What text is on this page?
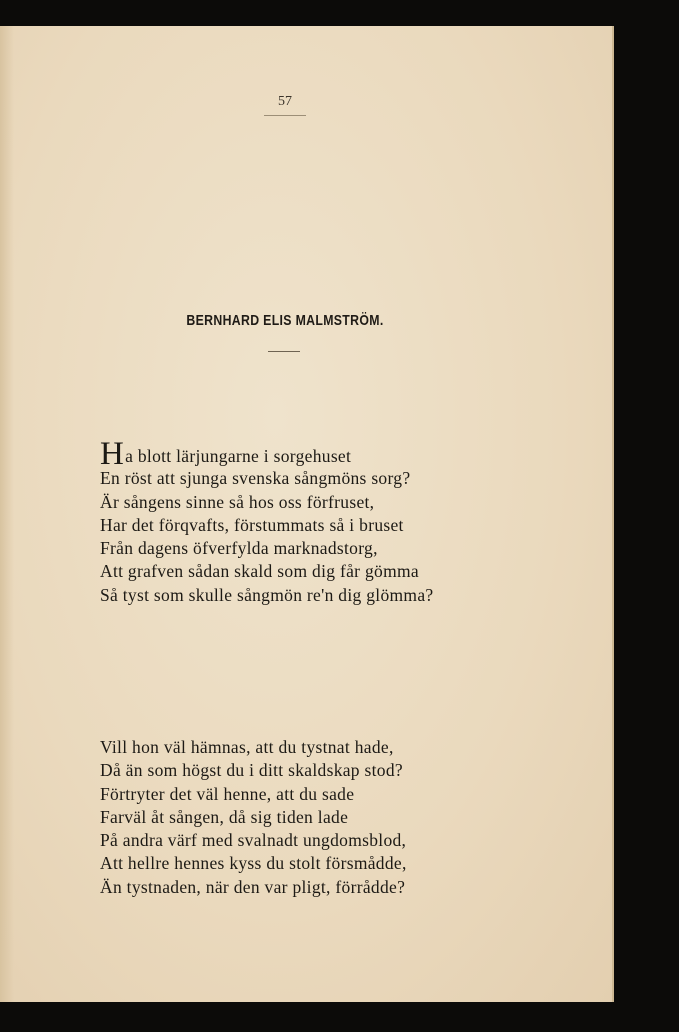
57
BERNHARD ELIS MALMSTRÖM.
Ha blott lärjungarne i sorgehuset
En röst att sjunga svenska sångmöns sorg?
Är sångens sinne så hos oss förfruset,
Har det förqvafts, förstummats så i bruset
Från dagens öfverfylda marknadstorg,
Att grafven sådan skald som dig får gömma
Så tyst som skulle sångmön re'n dig glömma?
Vill hon väl hämnas, att du tystnat hade,
Då än som högst du i ditt skaldskap stod?
Förtryter det väl henne, att du sade
Farväl åt sången, då sig tiden lade
På andra värf med svalnadt ungdomsblod,
Att hellre hennes kyss du stolt försmådde,
Än tystnaden, när den var pligt, förrådde?
